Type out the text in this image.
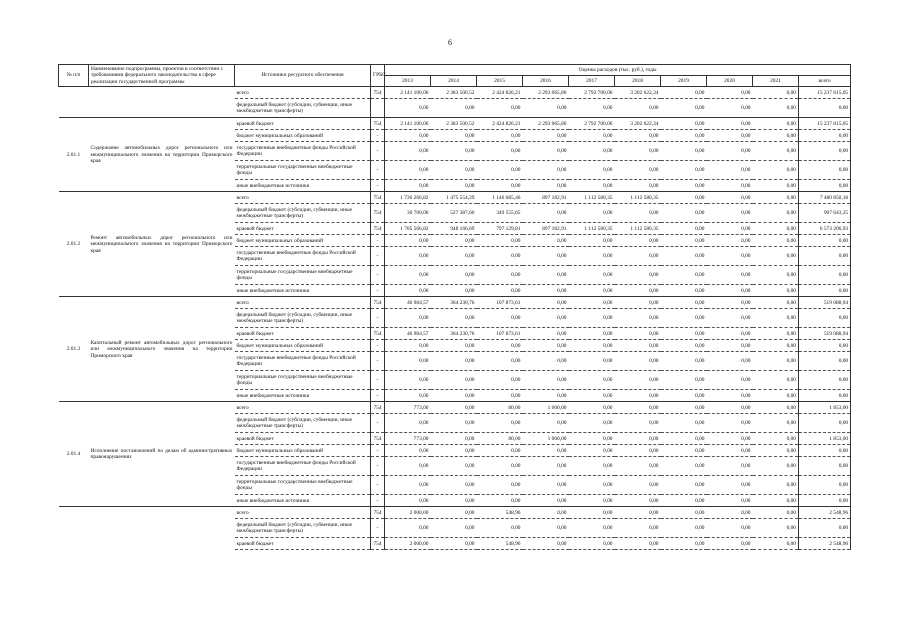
6
№ п/п	Наименование подпрограммы, проектов в соответствии с требованиями федерального законодательства в сфере реализации государственной программы	Источники ресурсного обеспечения	ГРБС	Оценка расходов (тыс. руб.), годы									
				2013	2014	2015	2016	2017	2018	2019	2020	2021	всего
		всего	754	2 141 100,06	2 383 500,52	2 424 826,21	2 293 065,86	2 792 700,06	3 202 622,34	0,00	0,00	0,00	15 237 815,05
		федеральный бюджет (субсидии, субвенции, иные межбюджетные трансферты)		0,00	0,00	0,00	0,00	0,00	0,00	0,00	0,00	0,00	0,00
2.01.1	Содержание автомобильных дорог регионального или межмуниципального значения на территории Приморского края	краевой бюджет	754	2 141 100,06	2 383 500,52	2 424 826,21	2 293 065,86	2 792 700,06	3 202 622,34	0,00	0,00	0,00	15 237 815,05
		бюджет муниципальных образований	-	0,00	0,00	0,00	0,00	0,00	0,00	0,00	0,00	0,00	0,00
		государственные внебюджетные фонды Российской Федерации	-	0,00	0,00	0,00	0,00	0,00	0,00	0,00	0,00	0,00	0,00
		территориальные государственные внебюджетные фонды	-	0,00	0,00	0,00	0,00	0,00	0,00	0,00	0,00	0,00	0,00
		иные внебюджетные источники	-	0,00	0,00	0,00	0,00	0,00	0,00	0,00	0,00	0,00	0,00
2.01.2	Ремонт автомобильных дорог регионального или межмуниципального значения на территории Приморского края	всего	754	1 736 266,82	1 475 554,29	1 146 685,46	897 182,91	1 112 580,35	1 112 580,35	0,00	0,00	0,00	7 480 850,18
		федеральный бюджет (субсидии, субвенции, иные межбюджетные трансферты)	754	30 700,00	527 387,60	349 555,65	0,00	0,00	0,00	0,00	0,00	0,00	907 643,25
		краевой бюджет	754	1 705 566,82	948 166,69	797 129,81	897 182,91	1 112 580,35	1 112 580,35	0,00	0,00	0,00	6 573 206,93
		бюджет муниципальных образований	-	0,00	0,00	0,00	0,00	0,00	0,00	0,00	0,00	0,00	0,00
		государственные внебюджетные фонды Российской Федерации	-	0,00	0,00	0,00	0,00	0,00	0,00	0,00	0,00	0,00	0,00
		территориальные государственные внебюджетные фонды	-	0,00	0,00	0,00	0,00	0,00	0,00	0,00	0,00	0,00	0,00
		иные внебюджетные источники	-	0,00	0,00	0,00	0,00	0,00	0,00	0,00	0,00	0,00	0,00
2.01.3	Капитальный ремонт автомобильных дорог регионального или межмуниципального значения на территории Приморского края	всего	754	46 984,57	364 230,76	107 873,61	0,00	0,00	0,00	0,00	0,00	0,00	519 088,94
		федеральный бюджет (субсидии, субвенции, иные межбюджетные трансферты)	-	0,00	0,00	0,00	0,00	0,00	0,00	0,00	0,00	0,00	0,00
		краевой бюджет	754	46 984,57	364 230,76	107 873,61	0,00	0,00	0,00	0,00	0,00	0,00	519 088,94
		бюджет муниципальных образований	-	0,00	0,00	0,00	0,00	0,00	0,00	0,00	0,00	0,00	0,00
		государственные внебюджетные фонды Российской Федерации	-	0,00	0,00	0,00	0,00	0,00	0,00	0,00	0,00	0,00	0,00
		территориальные государственные внебюджетные фонды	-	0,00	0,00	0,00	0,00	0,00	0,00	0,00	0,00	0,00	0,00
		иные внебюджетные источники	-	0,00	0,00	0,00	0,00	0,00	0,00	0,00	0,00	0,00	0,00
2.01.4	Исполнение постановлений по делам об административных правонарушениях	всего	754	773,00	0,00	80,00	1 000,00	0,00	0,00	0,00	0,00	0,00	1 853,00
		федеральный бюджет (субсидии, субвенции, иные межбюджетные трансферты)	-	0,00	0,00	0,00	0,00	0,00	0,00	0,00	0,00	0,00	0,00
		краевой бюджет	754	773,00	0,00	80,00	1 000,00	0,00	0,00	0,00	0,00	0,00	1 853,00
		бюджет муниципальных образований	-	0,00	0,00	0,00	0,00	0,00	0,00	0,00	0,00	0,00	0,00
		государственные внебюджетные фонды Российской Федерации	-	0,00	0,00	0,00	0,00	0,00	0,00	0,00	0,00	0,00	0,00
		территориальные государственные внебюджетные фонды	-	0,00	0,00	0,00	0,00	0,00	0,00	0,00	0,00	0,00	0,00
		иные внебюджетные источники	-	0,00	0,00	0,00	0,00	0,00	0,00	0,00	0,00	0,00	0,00
		всего	754	2 000,00	0,00	548,96	0,00	0,00	0,00	0,00	0,00	0,00	2 548,96
		федеральный бюджет (субсидии, субвенции, иные межбюджетные трансферты)	-	0,00	0,00	0,00	0,00	0,00	0,00	0,00	0,00	0,00	0,00
		краевой бюджет	754	2 000,00	0,00	548,96	0,00	0,00	0,00	0,00	0,00	0,00	2 548,96
